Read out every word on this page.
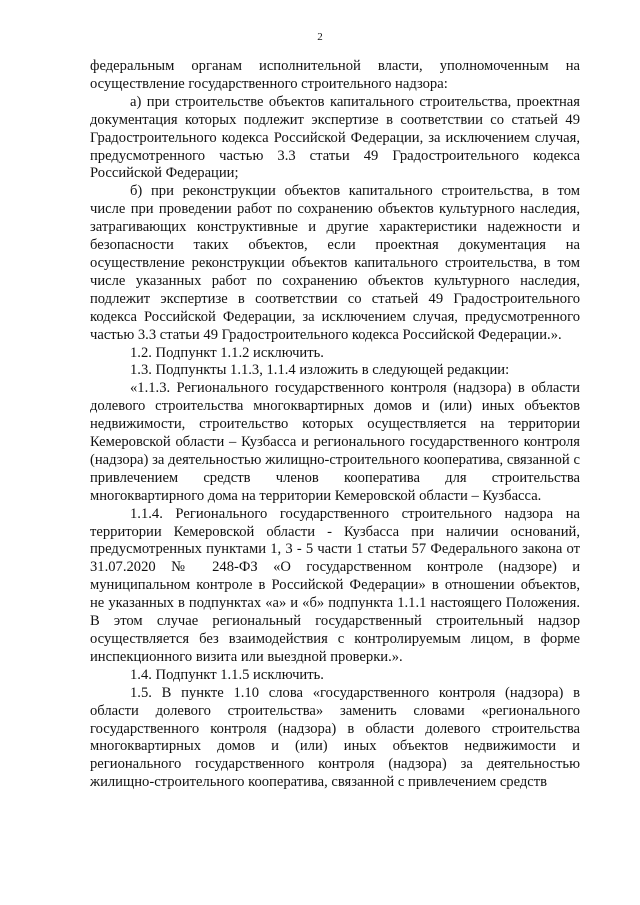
2

федеральным органам исполнительной власти, уполномоченным на осуществление государственного строительного надзора:

а) при строительстве объектов капитального строительства, проектная документация которых подлежит экспертизе в соответствии со статьей 49 Градостроительного кодекса Российской Федерации, за исключением случая, предусмотренного частью 3.3 статьи 49 Градостроительного кодекса Российской Федерации;

б) при реконструкции объектов капитального строительства, в том числе при проведении работ по сохранению объектов культурного наследия, затрагивающих конструктивные и другие характеристики надежности и безопасности таких объектов, если проектная документация на осуществление реконструкции объектов капитального строительства, в том числе указанных работ по сохранению объектов культурного наследия, подлежит экспертизе в соответствии со статьей 49 Градостроительного кодекса Российской Федерации, за исключением случая, предусмотренного частью 3.3 статьи 49 Градостроительного кодекса Российской Федерации.».

1.2. Подпункт 1.1.2 исключить.

1.3. Подпункты 1.1.3, 1.1.4 изложить в следующей редакции:

«1.1.3. Регионального государственного контроля (надзора) в области долевого строительства многоквартирных домов и (или) иных объектов недвижимости, строительство которых осуществляется на территории Кемеровской области – Кузбасса и регионального государственного контроля (надзора) за деятельностью жилищно-строительного кооператива, связанной с привлечением средств членов кооператива для строительства многоквартирного дома на территории Кемеровской области – Кузбасса.

1.1.4. Регионального государственного строительного надзора на территории Кемеровской области - Кузбасса при наличии оснований, предусмотренных пунктами 1, 3 - 5 части 1 статьи 57 Федерального закона от 31.07.2020 № 248-ФЗ «О государственном контроле (надзоре) и муниципальном контроле в Российской Федерации» в отношении объектов, не указанных в подпунктах «а» и «б» подпункта 1.1.1 настоящего Положения. В этом случае региональный государственный строительный надзор осуществляется без взаимодействия с контролируемым лицом, в форме инспекционного визита или выездной проверки.».

1.4. Подпункт 1.1.5 исключить.

1.5. В пункте 1.10 слова «государственного контроля (надзора) в области долевого строительства» заменить словами «регионального государственного контроля (надзора) в области долевого строительства многоквартирных домов и (или) иных объектов недвижимости и регионального государственного контроля (надзора) за деятельностью жилищно-строительного кооператива, связанной с привлечением средств
